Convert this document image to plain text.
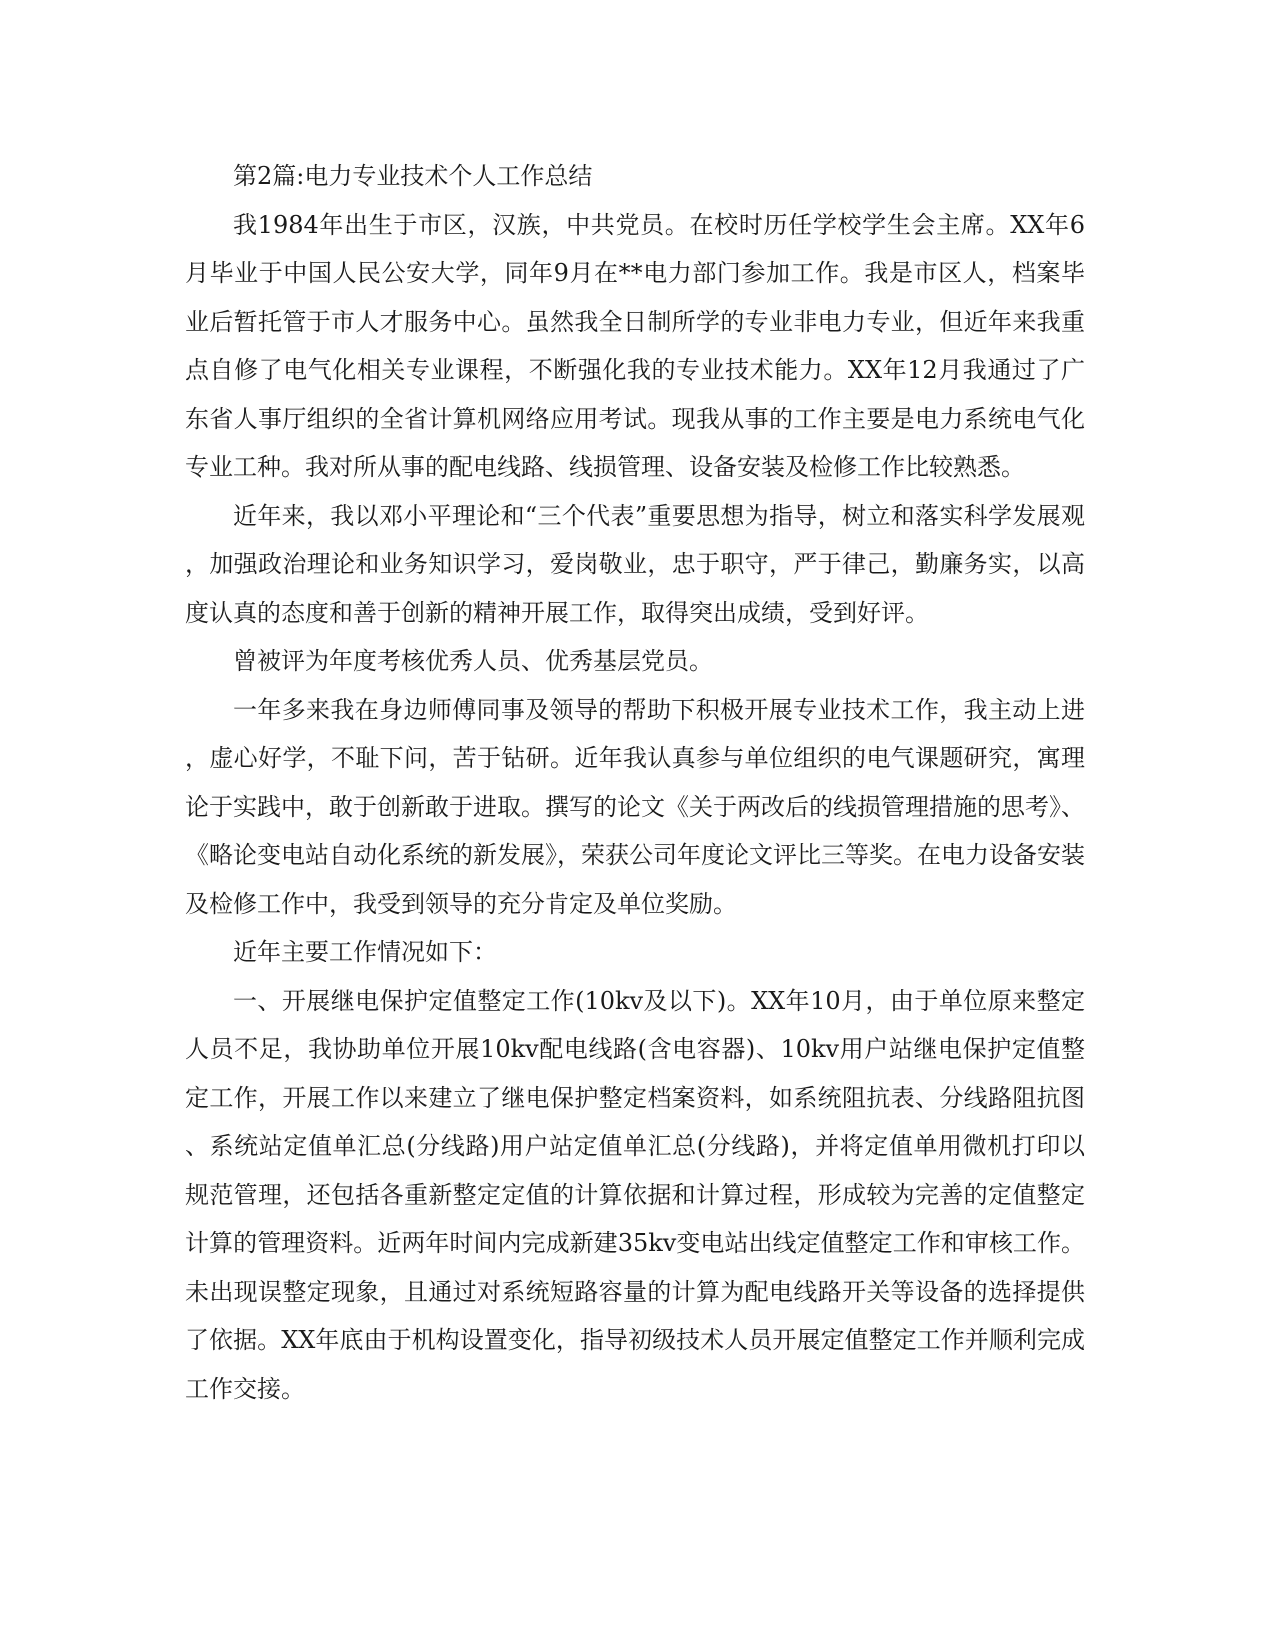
第2篇:电力专业技术个人工作总结

我1984年出生于市区，汉族，中共党员。在校时历任学校学生会主席。XX年6月毕业于中国人民公安大学，同年9月在**电力部门参加工作。我是市区人，档案毕业后暂托管于市人才服务中心。虽然我全日制所学的专业非电力专业，但近年来我重点自修了电气化相关专业课程，不断强化我的专业技术能力。XX年12月我通过了广东省人事厅组织的全省计算机网络应用考试。现我从事的工作主要是电力系统电气化专业工种。我对所从事的配电线路、线损管理、设备安装及检修工作比较熟悉。

近年来，我以邓小平理论和“三个代表”重要思想为指导，树立和落实科学发展观，加强政治理论和业务知识学习，爱岗敬业，忠于职守，严于律己，勤廉务实，以高度认真的态度和善于创新的精神开展工作，取得突出成绩，受到好评。

曾被评为年度考核优秀人员、优秀基层党员。

一年多来我在身边师傅同事及领导的帮助下积极开展专业技术工作，我主动上进，虚心好学，不耻下问，苦于钻研。近年我认真参与单位组织的电气课题研究，寓理论于实践中，敢于创新敢于进取。撰写的论文《关于两改后的线损管理措施的思考》、《略论变电站自动化系统的新发展》，荣获公司年度论文评比三等奖。在电力设备安装及检修工作中，我受到领导的充分肯定及单位奖励。

近年主要工作情况如下：

一、开展继电保护定值整定工作(10kv及以下)。XX年10月，由于单位原来整定人员不足，我协助单位开展10kv配电线路(含电容器)、10kv用户站继电保护定值整定工作，开展工作以来建立了继电保护整定档案资料，如系统阻抗表、分线路阻抗图、系统站定值单汇总(分线路)用户站定值单汇总(分线路)，并将定值单用微机打印以规范管理，还包括各重新整定定值的计算依据和计算过程，形成较为完善的定值整定计算的管理资料。近两年时间内完成新建35kv变电站出线定值整定工作和审核工作。未出现误整定现象，且通过对系统短路容量的计算为配电线路开关等设备的选择提供了依据。XX年底由于机构设置变化，指导初级技术人员开展定值整定工作并顺利完成工作交接。
